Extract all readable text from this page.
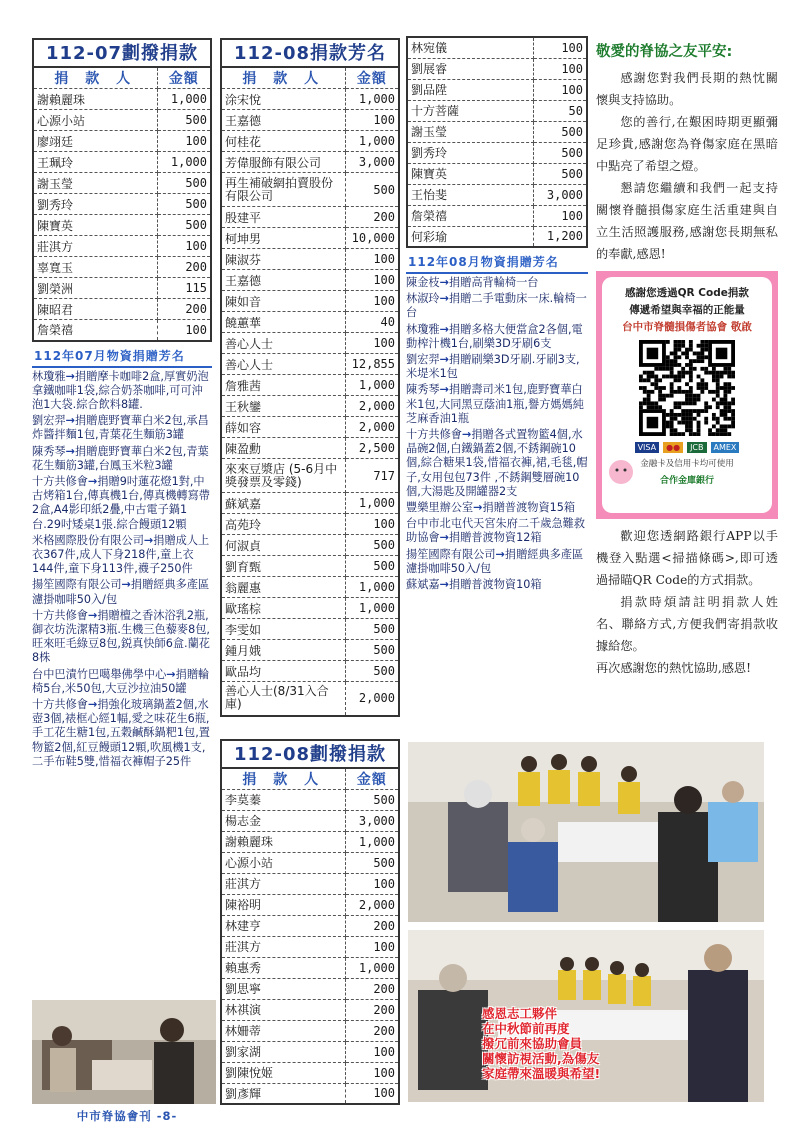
112-07劃撥捐款
捐 款 人	金額
謝賴麗珠	1,000
心源小站	500
廖翊廷	100
王珮玲	1,000
謝玉瑩	500
劉秀玲	500
陳寶英	500
莊淇方	100
辜寬玉	200
劉榮洲	115
陳昭君	200
詹榮禧	100
112年07月物資捐贈芳名
林瓊雅→捐贈摩卡咖啡2盒,厚實奶泡拿鐵咖啡1袋,綜合奶茶咖啡,可可沖泡1大袋.綜合飲料8罐.
劉宏羿→捐贈鹿野寶華白米2包,承昌炸醬拌麵1包,青葉花生麵筋3罐
陳秀琴→捐贈鹿野寶華白米2包,青葉花生麵筋3罐,台鳳玉米粒3罐
十方共修會→捐贈9吋蓮花燈1對,中古烤箱1台,傳真機1台,傳真機轉寫帶2盒,A4影印紙2疊,中古電子鍋1台.29吋矮桌1張.綜合饅頭12顆
米格國際股份有限公司→捐贈成人上衣367件,成人下身218件,童上衣144件,童下身113件,襪子250件
揚笙國際有限公司→捐贈經典多產區濾掛咖啡50入/包
十方共修會→捐贈檀之香沐浴乳2瓶,御衣坊洗潔精3瓶.生機三色藜麥8包,旺來旺毛綠豆8包,鋭真快師6盒.蘭花8株
台中巴漬竹巴噶舉佛學中心→捐贈輪椅5台,米50包,大豆沙拉油50罐
十方共修會→捐強化玻璃鍋蓋2個,水壺3個,裱框心經1幅,愛之味花生6瓶,手工花生糖1包,五穀鹹酥鍋粑1包,置物籃2個,紅豆饅頭12顆,吹風機1支,二手布鞋5雙,惜福衣褲帽子25件
中市脊協會刊 -8-
112-08捐款芳名
捐 款 人	金額
涂宋悅	1,000
王嘉德	100
何桂花	1,000
芳偉服飾有限公司	3,000
再生補破網拍賣股份有限公司	500
殷建平	200
柯坤男	10,000
陳淑芬	100
王嘉德	100
陳如音	100
饒蕙華	40
善心人士	100
善心人士	12,855
詹雅茜	1,000
王秋鑾	2,000
薛如容	2,000
陳盈勳	2,500
來來豆漿店 (5-6月中獎發票及零錢)	717
蘇斌嘉	1,000
高苑玲	100
何淑貞	500
劉育甄	500
翁麗惠	1,000
歐瑤棕	1,000
李雯如	500
鍾月娥	500
歐品均	500
善心人士(8/31入合庫)	2,000
112-08劃撥捐款
捐 款 人	金額
李莫蓁	500
楊志金	3,000
謝賴麗珠	1,000
心源小站	500
莊淇方	100
陳裕明	2,000
林建亨	200
莊淇方	100
賴惠秀	1,000
劉思寧	200
林祺演	200
林姍蒂	200
劉家湖	100
劉陳悅姬	100
劉彥輝	100
林宛儀	100
劉展睿	100
劉品陞	100
十方菩薩	50
謝玉瑩	500
劉秀玲	500
陳寶英	500
王怡斐	3,000
詹榮禧	100
何彩瑜	1,200
112年08月物資捐贈芳名
陳金枝→捐贈高背輪椅一台
林淑玲→捐贈二手電動床一床.輪椅一台
林瓊雅→捐贈多格大便當盒2各個,電動榨汁機1台,刷樂3D牙刷6支
劉宏羿→捐贈刷樂3D牙刷.牙刷3支,米堤米1包
陳秀琴→捐贈壽司米1包,鹿野寶華白米1包,大同黑豆蔭油1瓶,譽方媽媽純芝麻香油1瓶
十方共修會→捐贈各式置物籃4個,水晶碗2個,白鐵鍋蓋2個,不銹鋼碗10個,綜合糖果1袋,惜福衣褲,裙,毛毯,帽子,女用包包73件 ,不銹鋼雙層碗10個,大湯匙及開罐器2支
豐樂里辦公室→捐贈普渡物資15箱
台中市北屯代天宮朱府二千歲急難救助協會→捐贈普渡物資12箱
揚笙國際有限公司→捐贈經典多產區濾掛咖啡50入/包
蘇斌嘉→捐贈普渡物資10箱
敬愛的脊協之友平安:

感謝您對我們長期的熱忱關懷與支持協助。

您的善行,在艱困時期更顯彌足珍貴,感謝您為脊傷家庭在黑暗中點亮了希望之燈。

懇請您繼續和我們一起支持關懷脊髓損傷家庭生活重建與自立生活照護服務,感謝您長期無私的奉獻,感恩!

感謝您透過QR Code捐款
傳遞希望與幸福的正能量
台中市脊髓損傷者協會 敬啟
VISA	●●	JCB	AMEX
金融卡及信用卡均可使用
合作金庫銀行

歡迎您透網路銀行APP以手機登入點選<掃描條碼>,即可透過掃瞄QR Code的方式捐款。

捐款時煩請註明捐款人姓名、聯絡方式,方便我們寄捐款收據給您。

再次感謝您的熱忱協助,感恩!

感恩志工夥伴
在中秋節前再度
撥冗前來協助會員
關懷訪視活動,為傷友
家庭帶來溫暖與希望!
